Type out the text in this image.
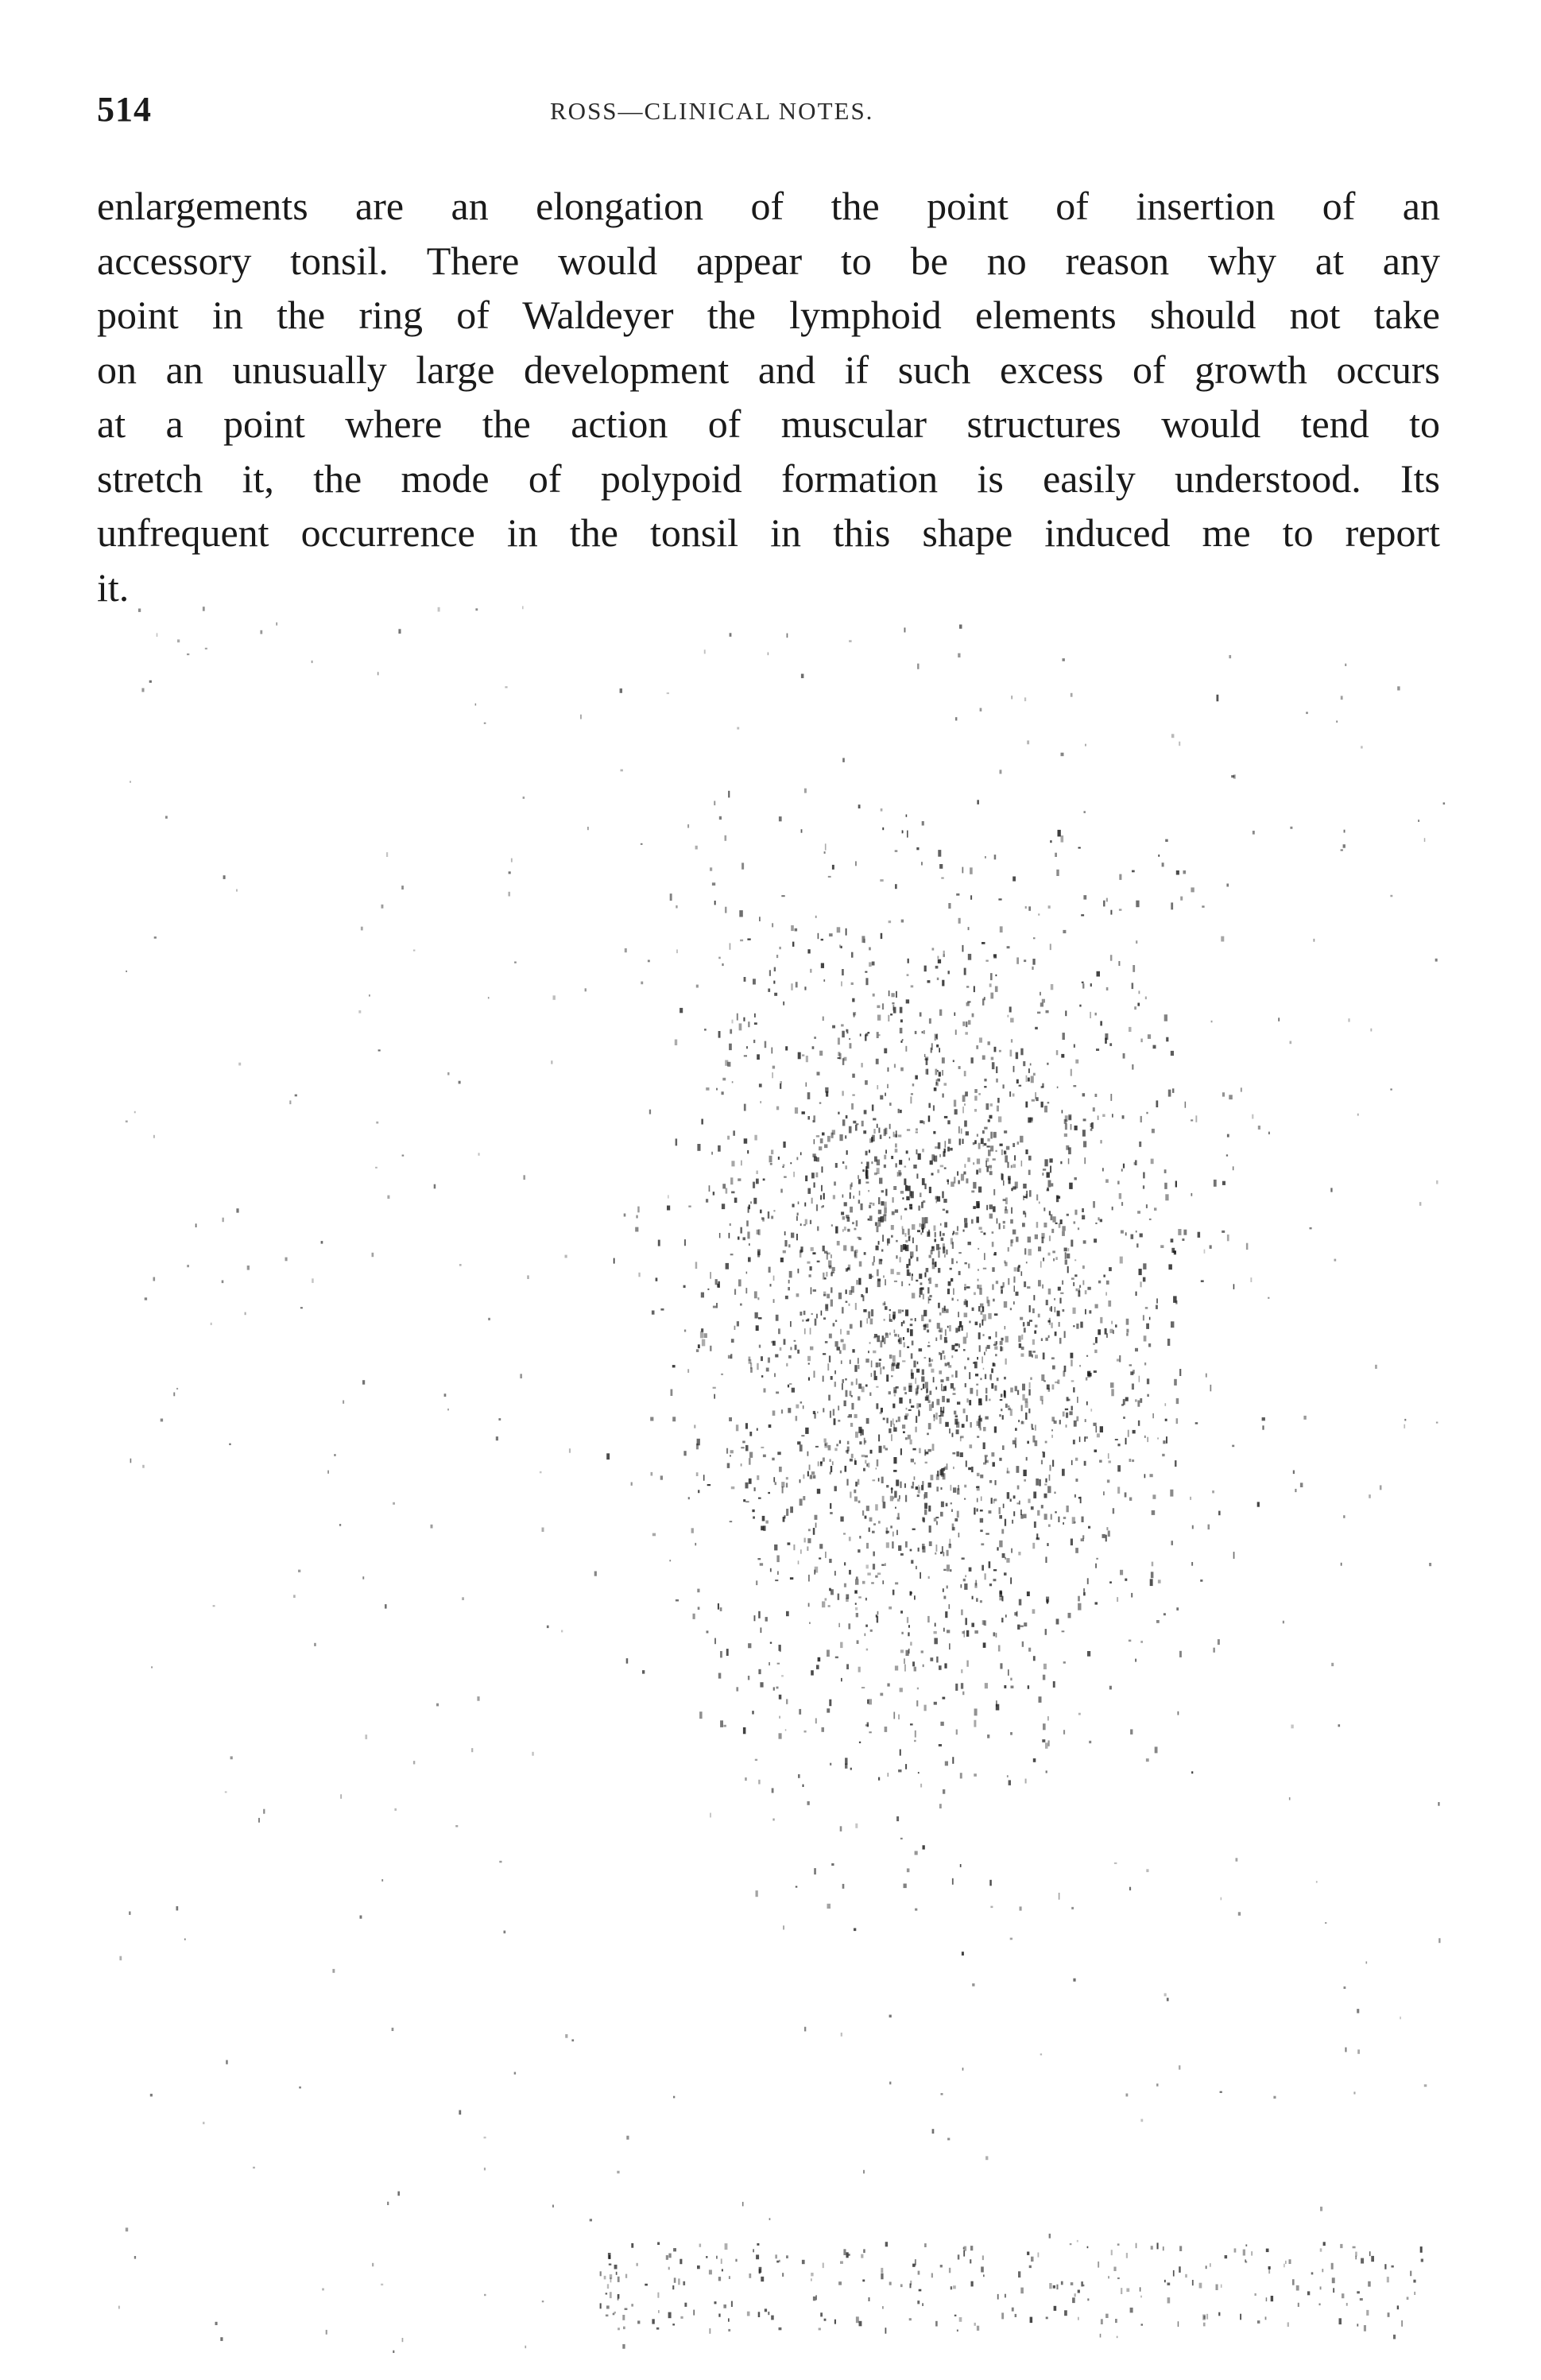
514	ROSS—CLINICAL NOTES.
enlargements are an elongation of the point of insertion of an
accessory tonsil. There would appear to be no reason why at any
point in the ring of Waldeyer the lymphoid elements should not take
on an unusually large development and if such excess of growth occurs
at a point where the action of muscular structures would tend to
stretch it, the mode of polypoid formation is easily understood. Its
unfrequent occurrence in the tonsil in this shape induced me to report
it.
